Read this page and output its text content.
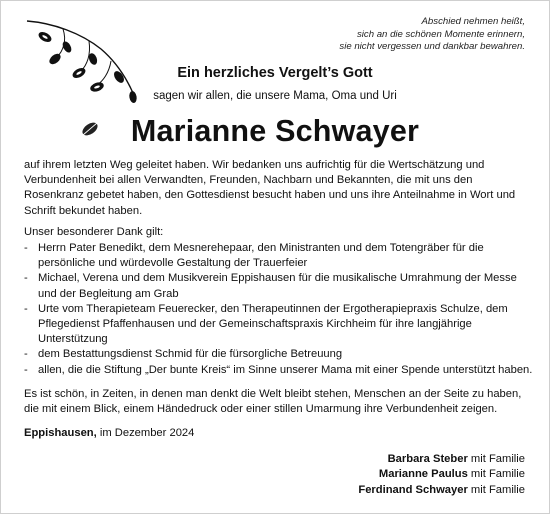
Abschied nehmen heißt,
sich an die schönen Momente erinnern,
sie nicht vergessen und dankbar bewahren.
Ein herzliches Vergelt’s Gott
sagen wir allen, die unsere Mama, Oma und Uri
Marianne Schwayer

auf ihrem letzten Weg geleitet haben. Wir bedanken uns aufrichtig für die Wertschätzung und Verbundenheit bei allen Verwandten, Freunden, Nachbarn und Bekannten, die mit uns den Rosenkranz gebetet haben, den Gottesdienst besucht haben und uns ihre Anteilnahme in Wort und Schrift bekundet haben.

Unser besonderer Dank gilt:

- Herrn Pater Benedikt, dem Mesnerehepaar, den Ministranten und dem Totengräber für die persönliche und würdevolle Gestaltung der Trauerfeier
- Michael, Verena und dem Musikverein Eppishausen für die musikalische Umrahmung der Messe und der Begleitung am Grab
- Urte vom Therapieteam Feuerecker, den Therapeutinnen der Ergotherapiepraxis Schulze, dem Pflegedienst Pfaffenhausen und der Gemeinschaftspraxis Kirchheim für ihre langjährige Unterstützung
- dem Bestattungsdienst Schmid für die fürsorgliche Betreuung
- allen, die die Stiftung „Der bunte Kreis“ im Sinne unserer Mama mit einer Spende unterstützt haben.

Es ist schön, in Zeiten, in denen man denkt die Welt bleibt stehen, Menschen an der Seite zu haben, die mit einem Blick, einem Händedruck oder einer stillen Umarmung ihre Verbundenheit zeigen.

Eppishausen, im Dezember 2024

Barbara Steber mit Familie
Marianne Paulus mit Familie
Ferdinand Schwayer mit Familie
